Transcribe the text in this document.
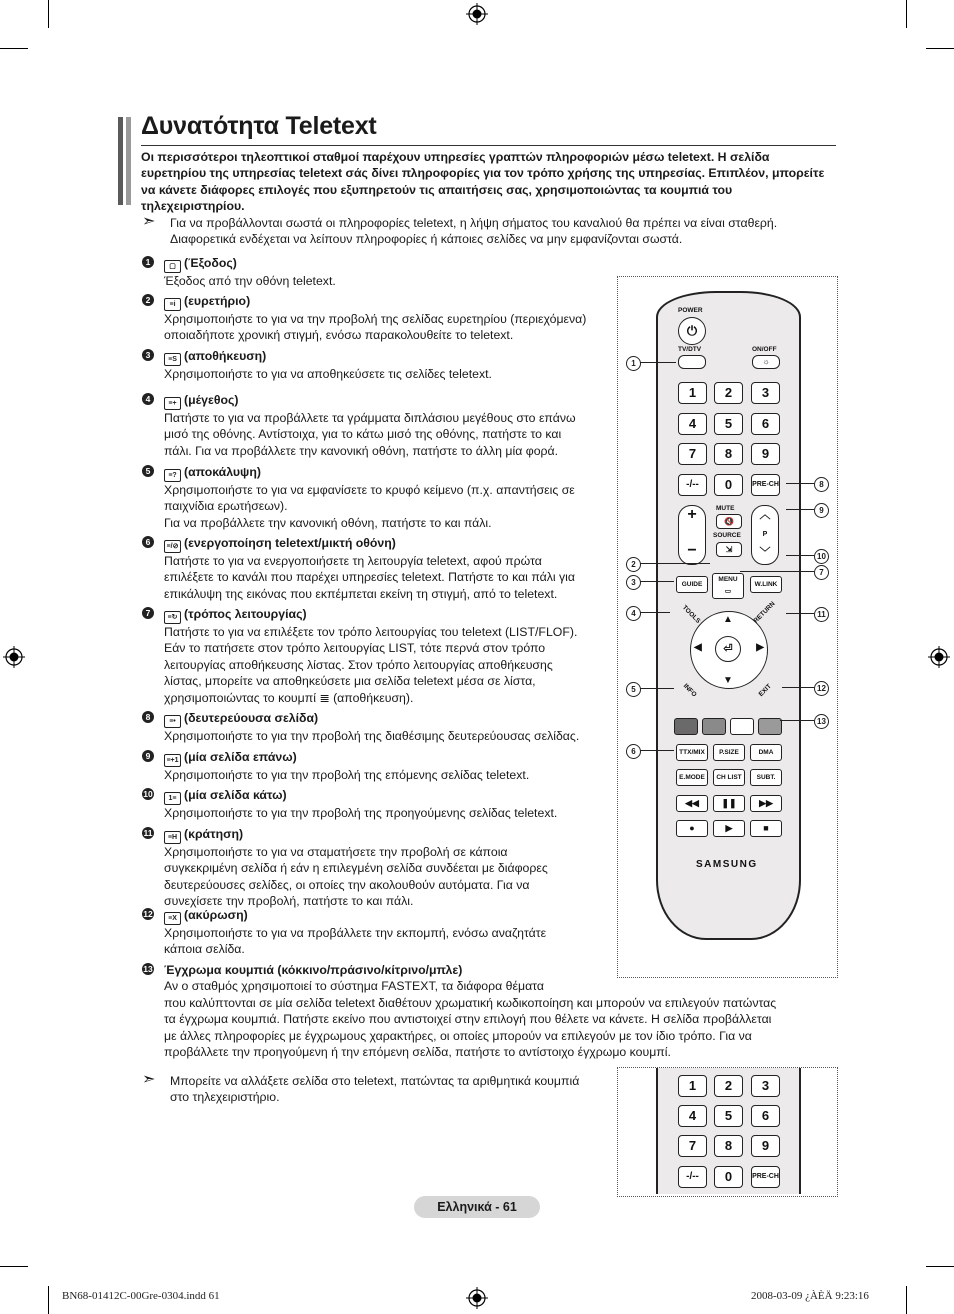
Δυνατότητα Teletext
Οι περισσότεροι τηλεοπτικοί σταθμοί παρέχουν υπηρεσίες γραπτών πληροφοριών μέσω teletext. Η σελίδα ευρετηρίου της υπηρεσίας teletext σάς δίνει πληροφορίες για τον τρόπο χρήσης της υπηρεσίας. Επιπλέον, μπορείτε να κάνετε διάφορες επιλογές που εξυπηρετούν τις απαιτήσεις σας, χρησιμοποιώντας τα κουμπιά του τηλεχειριστηρίου.
➣ Για να προβάλλονται σωστά οι πληροφορίες teletext, η λήψη σήματος του καναλιού θα πρέπει να είναι σταθερή.
Διαφορετικά ενδέχεται να λείπουν πληροφορίες ή κάποιες σελίδες να μην εμφανίζονται σωστά.
1	▢ (Έξοδος)
Έξοδος από την οθόνη teletext.
2	≡i (ευρετήριο)
Χρησιμοποιήστε το για να την προβολή της σελίδας ευρετηρίου (περιεχόμενα)
οποιαδήποτε χρονική στιγμή, ενόσω παρακολουθείτε το teletext.
3	≡S (αποθήκευση)
Χρησιμοποιήστε το για να αποθηκεύσετε τις σελίδες teletext.
4	≡+ (μέγεθος)
Πατήστε το για να προβάλλετε τα γράμματα διπλάσιου μεγέθους στο επάνω
μισό της οθόνης. Αντίστοιχα, για το κάτω μισό της οθόνης, πατήστε το και
πάλι. Για να προβάλλετε την κανονική οθόνη, πατήστε το άλλη μία φορά.
5	≡? (αποκάλυψη)
Χρησιμοποιήστε το για να εμφανίσετε το κρυφό κείμενο (π.χ. απαντήσεις σε
παιχνίδια ερωτήσεων).
Για να προβάλλετε την κανονική οθόνη, πατήστε το και πάλι.
6	≡/⊘ (ενεργοποίηση teletext/μικτή οθόνη)
Πατήστε το για να ενεργοποιήσετε τη λειτουργία teletext, αφού πρώτα
επιλέξετε το κανάλι που παρέχει υπηρεσίες teletext. Πατήστε το και πάλι για
επικάλυψη της εικόνας που εκπέμπεται εκείνη τη στιγμή, από το teletext.
7	≡↻ (τρόπος λειτουργίας)
Πατήστε το για να επιλέξετε τον τρόπο λειτουργίας του teletext (LIST/FLOF).
Εάν το πατήσετε στον τρόπο λειτουργίας LIST, τότε περνά στον τρόπο
λειτουργίας αποθήκευσης λίστας. Στον τρόπο λειτουργίας αποθήκευσης
λίστας, μπορείτε να αποθηκεύσετε μια σελίδα teletext μέσα σε λίστα,
χρησιμοποιώντας το κουμπί ≣ (αποθήκευση).
8	≡• (δευτερεύουσα σελίδα)
Χρησιμοποιήστε το για την προβολή της διαθέσιμης δευτερεύουσας σελίδας.
9	≡+1 (μία σελίδα επάνω)
Χρησιμοποιήστε το για την προβολή της επόμενης σελίδας teletext.
10	1≡ (μία σελίδα κάτω)
Χρησιμοποιήστε το για την προβολή της προηγούμενης σελίδας teletext.
11	≡H (κράτηση)
Χρησιμοποιήστε το για να σταματήσετε την προβολή σε κάποια
συγκεκριμένη σελίδα ή εάν η επιλεγμένη σελίδα συνδέεται με διάφορες
δευτερεύουσες σελίδες, οι οποίες την ακολουθούν αυτόματα. Για να
συνεχίσετε την προβολή, πατήστε το και πάλι.
12	≡X (ακύρωση)
Χρησιμοποιήστε το για να προβάλλετε την εκπομπή, ενόσω αναζητάτε
κάποια σελίδα.
13 Έγχρωμα κουμπιά (κόκκινο/πράσινο/κίτρινο/μπλε)
Αν ο σταθμός χρησιμοποιεί το σύστημα FASTEXT, τα διάφορα θέματα
που καλύπτονται σε μία σελίδα teletext διαθέτουν χρωματική κωδικοποίηση και μπορούν να επιλεγούν πατώντας
τα έγχρωμα κουμπιά. Πατήστε εκείνο που αντιστοιχεί στην επιλογή που θέλετε να κάνετε. Η σελίδα προβάλλεται
με άλλες πληροφορίες με έγχρωμους χαρακτήρες, οι οποίες μπορούν να επιλεγούν με τον ίδιο τρόπο. Για να
προβάλλετε την προηγούμενη ή την επόμενη σελίδα, πατήστε το αντίστοιχο έγχρωμο κουμπί.
➣ Μπορείτε να αλλάξετε σελίδα στο teletext, πατώντας τα αριθμητικά κουμπιά
στο τηλεχειριστήριο.
POWER
⏻
TV/DTV	ON/OFF
☼
1	2	3
4	5	6
7	8	9
-/--	0	PRE-CH
+

−
MUTE
🔇
SOURCE
⇲
︿
P
﹀
GUIDE
MENU
▭
W.LINK
TOOLS	RETURN
▲
▼
◀	▶
⏎
INFO	EXIT
TTX/MIX	P.SIZE	DMA
E.MODE	CH LIST	SUBT.
◀◀	❚❚	▶▶
●	▶	■
SAMSUNG
1
2
3
4
5
6
7
8
9
10
11
12
13
1	2	3
4	5	6
7	8	9
-/--	0	PRE-CH
Ελληνικά - 61
BN68-01412C-00Gre-0304.indd 61	2008-03-09 ¿ÀÈÄ 9:23:16
